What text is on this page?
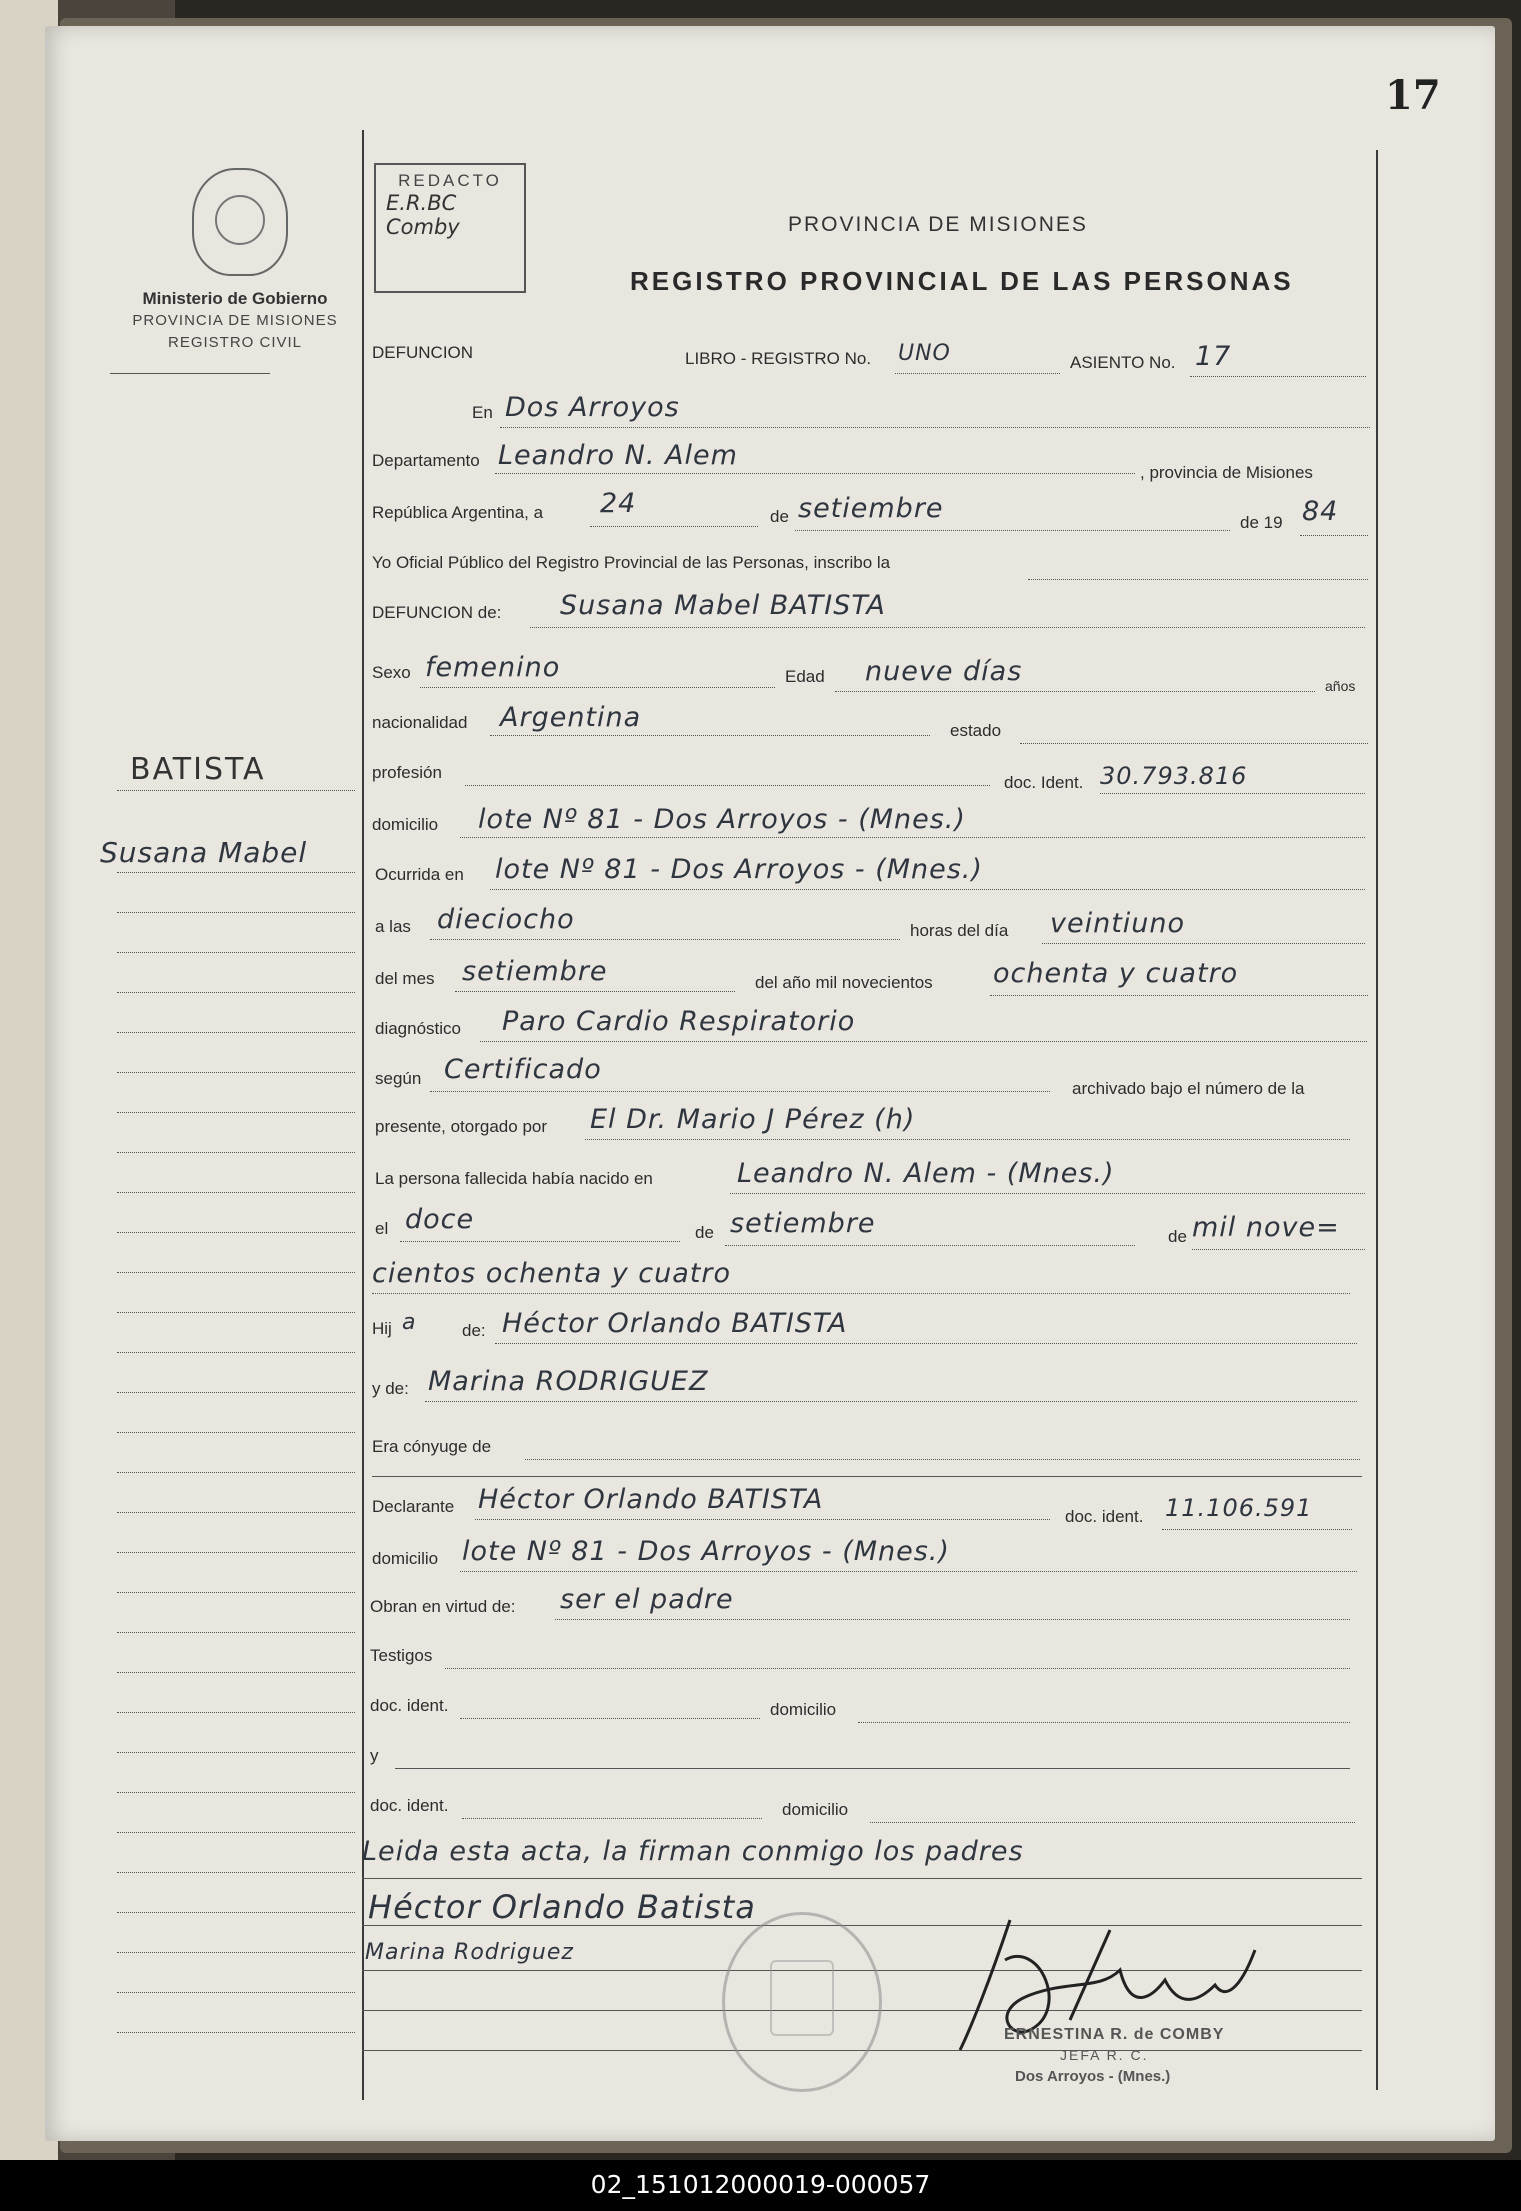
17
Ministerio de Gobierno
PROVINCIA DE MISIONES
REGISTRO CIVIL
REDACTO
E.R.BC
Comby	PROVINCIA DE MISIONES
REGISTRO PROVINCIAL DE LAS PERSONAS
BATISTA
Susana Mabel
DEFUNCION	LIBRO - REGISTRO No. UNO	ASIENTO No. 17
En Dos Arroyos
Departamento Leandro N. Alem
, provincia de Misiones
República Argentina, a 24	de setiembre	de 19 84
Yo Oficial Público del Registro Provincial de las Personas, inscribo la
DEFUNCION de: Susana Mabel BATISTA
Sexo femenino	Edad nueve días	años
nacionalidad Argentina	estado
profesión
doc. Ident. 30.793.816
domicilio lote Nº 81 - Dos Arroyos - (Mnes.)
Ocurrida en lote Nº 81 - Dos Arroyos - (Mnes.)
a las dieciocho	horas del día veintiuno
del mes setiembre	del año mil novecientos ochenta y cuatro
diagnóstico Paro Cardio Respiratorio
según Certificado
archivado bajo el número de la
presente, otorgado por El Dr. Mario J Pérez (h)
La persona fallecida había nacido en	Leandro N. Alem - (Mnes.)
el doce	de setiembre	de mil nove=
cientos ochenta y cuatro
Hij a	de: Héctor Orlando BATISTA
y de: Marina RODRIGUEZ
Era cónyuge de
Declarante Héctor Orlando BATISTA
doc. ident. 11.106.591
domicilio lote Nº 81 - Dos Arroyos - (Mnes.)
Obran en virtud de: ser el padre
Testigos
doc. ident.	domicilio
y
doc. ident.	domicilio
Leida esta acta, la firman conmigo los padres
Héctor Orlando Batista
Marina Rodriguez
ERNESTINA R. de COMBY
JEFA R. C.
Dos Arroyos - (Mnes.)
02_151012000019-000057
